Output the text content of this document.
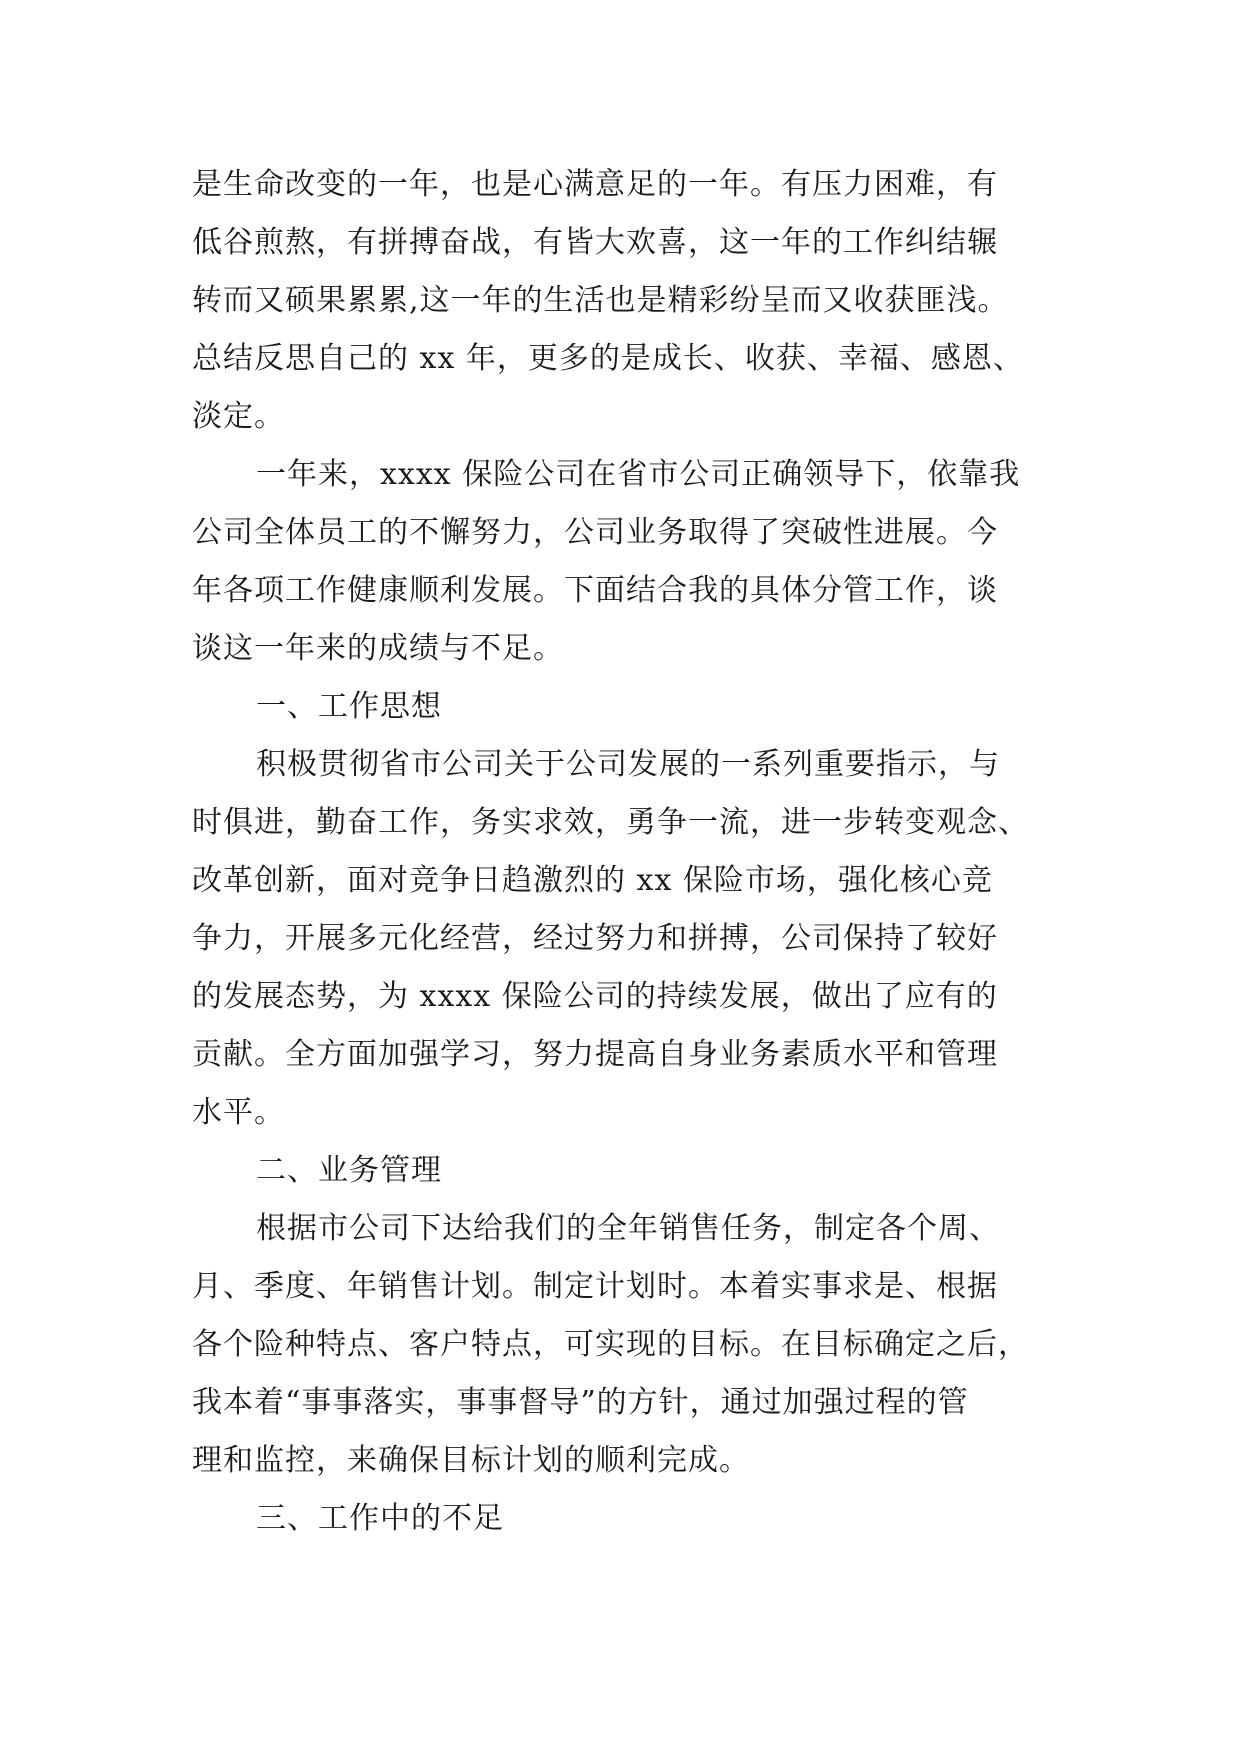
是生命改变的一年，也是心满意足的一年。有压力困难，有
低谷煎熬，有拼搏奋战，有皆大欢喜，这一年的工作纠结辗
转而又硕果累累,这一年的生活也是精彩纷呈而又收获匪浅。
总结反思自己的 xx 年，更多的是成长、收获、幸福、感恩、
淡定。
一年来，xxxx 保险公司在省市公司正确领导下，依靠我
公司全体员工的不懈努力，公司业务取得了突破性进展。今
年各项工作健康顺利发展。下面结合我的具体分管工作，谈
谈这一年来的成绩与不足。
一、工作思想
积极贯彻省市公司关于公司发展的一系列重要指示，与
时俱进，勤奋工作，务实求效，勇争一流，进一步转变观念、
改革创新，面对竞争日趋激烈的 xx 保险市场，强化核心竞
争力，开展多元化经营，经过努力和拼搏，公司保持了较好
的发展态势，为 xxxx 保险公司的持续发展，做出了应有的
贡献。全方面加强学习，努力提高自身业务素质水平和管理
水平。
二、业务管理
根据市公司下达给我们的全年销售任务，制定各个周、
月、季度、年销售计划。制定计划时。本着实事求是、根据
各个险种特点、客户特点，可实现的目标。在目标确定之后，
我本着“事事落实，事事督导”的方针，通过加强过程的管
理和监控，来确保目标计划的顺利完成。
三、工作中的不足
